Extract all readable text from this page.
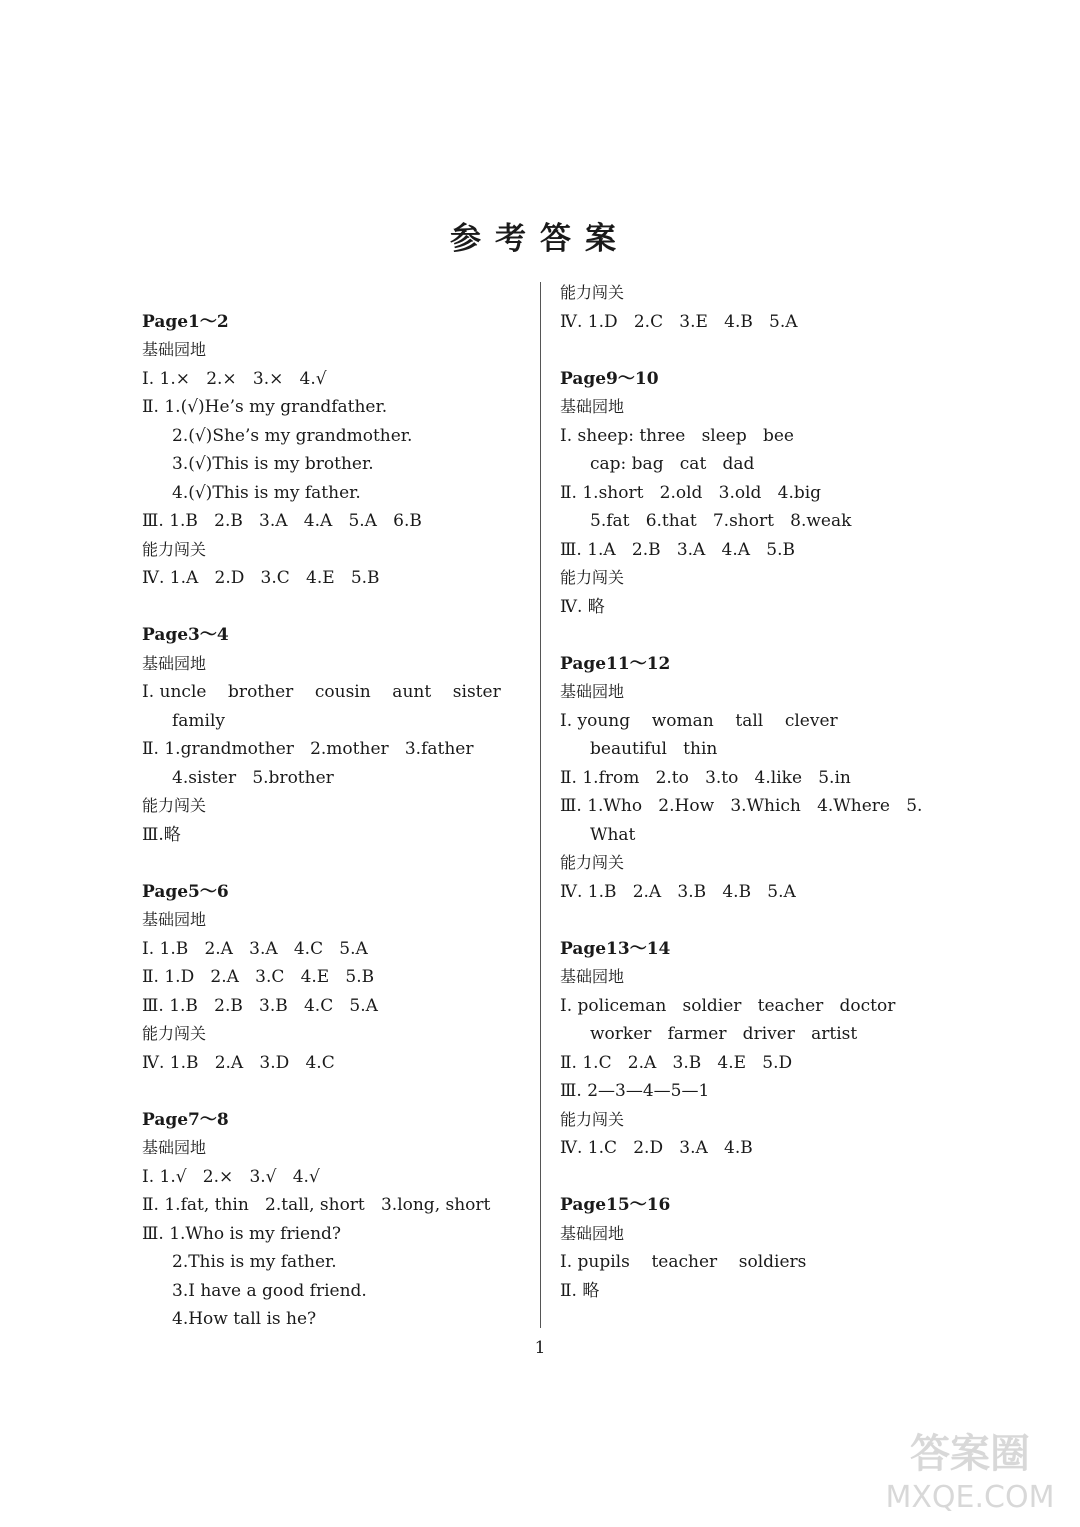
参考答案
Page1～2
基础园地
Ⅰ. 1.×   2.×   3.×   4.√
Ⅱ. 1.(√)He’s my grandfather.
2.(√)She’s my grandmother.
3.(√)This is my brother.
4.(√)This is my father.
Ⅲ. 1.B   2.B   3.A   4.A   5.A   6.B
能力闯关
Ⅳ. 1.A   2.D   3.C   4.E   5.B
Page3～4
基础园地
Ⅰ. uncle    brother    cousin    aunt    sister
family
Ⅱ. 1.grandmother   2.mother   3.father
4.sister   5.brother
能力闯关
Ⅲ.略
Page5～6
基础园地
Ⅰ. 1.B   2.A   3.A   4.C   5.A
Ⅱ. 1.D   2.A   3.C   4.E   5.B
Ⅲ. 1.B   2.B   3.B   4.C   5.A
能力闯关
Ⅳ. 1.B   2.A   3.D   4.C
Page7～8
基础园地
Ⅰ. 1.√   2.×   3.√   4.√
Ⅱ. 1.fat, thin   2.tall, short   3.long, short
Ⅲ. 1.Who is my friend?
2.This is my father.
3.I have a good friend.
4.How tall is he?
能力闯关
Ⅳ. 1.D   2.C   3.E   4.B   5.A
Page9～10
基础园地
Ⅰ. sheep: three   sleep   bee
cap: bag   cat   dad
Ⅱ. 1.short   2.old   3.old   4.big
5.fat   6.that   7.short   8.weak
Ⅲ. 1.A   2.B   3.A   4.A   5.B
能力闯关
Ⅳ. 略
Page11～12
基础园地
Ⅰ. young    woman    tall    clever
beautiful   thin
Ⅱ. 1.from   2.to   3.to   4.like   5.in
Ⅲ. 1.Who   2.How   3.Which   4.Where   5.
What
能力闯关
Ⅳ. 1.B   2.A   3.B   4.B   5.A
Page13～14
基础园地
Ⅰ. policeman   soldier   teacher   doctor
worker   farmer   driver   artist
Ⅱ. 1.C   2.A   3.B   4.E   5.D
Ⅲ. 2—3—4—5—1
能力闯关
Ⅳ. 1.C   2.D   3.A   4.B
Page15～16
基础园地
Ⅰ. pupils    teacher    soldiers
Ⅱ. 略
1
答案圈
MXQE.COM
